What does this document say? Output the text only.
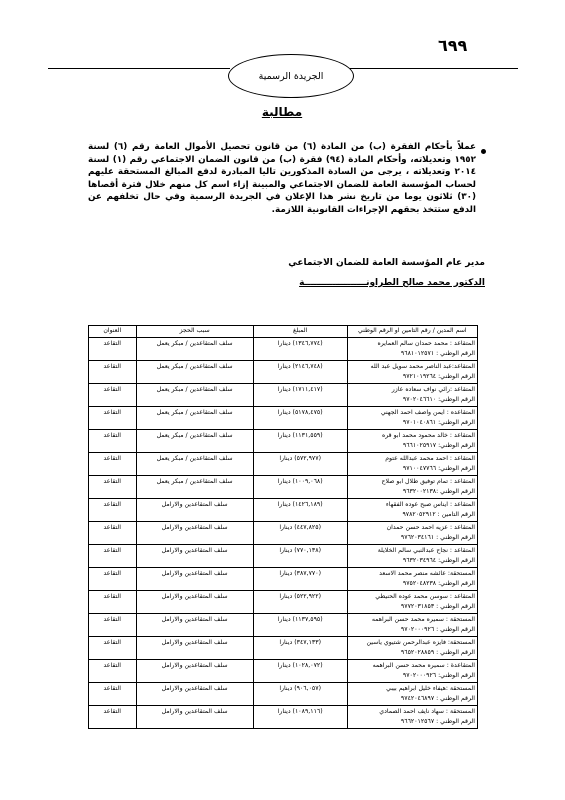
٦٩٩
الجريدة الرسمية
مطالبة
عملاً بأحكام الفقرة (ب) من المادة (٦) من قانون تحصيل الأموال العامة رقم (٦) لسنة ١٩٥٢ وتعديلاته، وأحكام المادة (٩٤) فقرة (ب) من قانون الضمان الاجتماعي رقم (١) لسنة ٢٠١٤ وتعديلاته ، يرجى من السادة المذكورين تاليا المبادرة لدفع المبالغ المستحقة عليهم لحساب المؤسسة العامة للضمان الاجتماعي والمبينة إزاء اسم كل منهم خلال فترة أقصاها (٣٠) ثلاثون يوما من تاريخ نشر هذا الإعلان في الجريدة الرسمية وفي حال تخلفهم عن الدفع ستتخذ بحقهم الإجراءات القانونية اللازمة.
مدير عام المؤسسة العامة للضمان الاجتماعي
الدكتور محمد صالح الطراونــــــــــــــــــــة
اسم المدين / رقم التامين او الرقم الوطني	المبلغ	سبب الحجز	العنوان

المتقاعد : محمد حمدان سالم العمايره
الرقم الوطني : ٩٦٨١٠١٢٥٧١	(١٣٤٦,٧٧٤) دينارا	سلف المتقاعدين / مبكر يعمل	التقاعد

المتقاعد:عبد الناصر محمد سويل عبد الله
الرقم الوطني: ٩٧٢١٠١٩٢٦٤	(٢١٤٦,٧٤٨) دينارا	سلف المتقاعدين / مبكر يعمل	التقاعد

المتقاعد :رائي نواف سعاده عازر
الرقم الوطني: ٩٧٠٢٠٤٦٦١٠	(١٧١١,٤١٧) دينارا	سلف المتقاعدين / مبكر يعمل	التقاعد

المتقاعده : ايمن واصف احمد الجهني
الرقم الوطني: ٩٧٠١٠٤٠٨٦١	(٥١٧٨,٤٧٥) دينارا	سلف المتقاعدين / مبكر يعمل	التقاعد

المتقاعد : خالد محمود محمد ابو قره
الرقم الوطني: ٩٦٦١٠٢٥٩١٧	(١١٣١,٥٥٩) دينارا	سلف المتقاعدين / مبكر يعمل	التقاعد

المتقاعد : احمد محمد عبدالله عتوم
الرقم الوطني: ٩٧١٠٠٤٧٧٦٦	(٥٧٢,٩٧٧) دينارا	سلف المتقاعدين / مبكر يعمل	التقاعد

المتقاعد : تمام توفيق طلال ابو صلاح
الرقم الوطني :٩٦٣٢٠٠٢١٣٨	(١٠٠٩,٠٦٨) دينارا	سلف المتقاعدين / مبكر يعمل	التقاعد

المتقاعد : ايناس صبح عوده الفقهاء
الرقم التامين : ٩٧٨٢٠٥٢٩١٢	(١٤٢٦,١٨٩) دينارا	سلف المتقاعدين والارامل	التقاعد

المتقاعد : عزيه احمد حسن حمدان
الرقم الوطني : ٩٧٦٢٠٣٤١٦١	(٤٤٧,٨٢٥) دينارا	سلف المتقاعدين والارامل	التقاعد

المتقاعد : نجاح عبدالنبي سالم الخلايلة
الرقم الوطني: ٩٦٣٢٠٣٤٩٦٤	(٧٧٠,١٣٨) دينارا	سلف المتقاعدين والارامل	التقاعد

المستحقة: عائشه منصر محمد الاسعد
الرقم الوطني: ٩٧٥٢٠٤٨٢٣٨	(٣٨٧,٧٧٠) دينارا	سلف المتقاعدين والارامل	التقاعد

المتقاعد : سوسن محمد عوده الحنيطي
الرقم الوطني : ٩٧٧٢٠٣١٨٥٣	(٥٢٢,٩٢٢) دينارا	سلف المتقاعدين والارامل	التقاعد

المستحقة : سميره محمد حسن البراهمه
الرقم الوطني : ٩٧٠٢٠٠٠٩٢٦	(١١٣٧,٥٩٥) دينارا	سلف المتقاعدين والارامل	التقاعد

المستحقة: فايزه عبدالرحمن شتيوي ياسين
الرقم الوطني : ٩٦٥٢٠٢٨٨٥٩	(٣٤٧,١٣٣) دينارا	سلف المتقاعدين والارامل	التقاعد

المتقاعدة : سميره محمد حسن البراهمه
الرقم الوطني: ٩٧٠٢٠٠٠٩٢٦	(١٠٢٨,٠٧٢) دينارا	سلف المتقاعدين والارامل	التقاعد

المستحقة :هيفاء خليل ابراهيم بيبي
الرقم الوطني : ٩٧٤٢٠٤٦٨٩٧	(٩٠٦,٠٥٧) دينارا	سلف المتقاعدين والارامل	التقاعد

المستحقة : سهاد نايف احمد الصمادي
الرقم الوطني : ٩٦٦٢٠١٢٥٦٧	(١٠٨٩,١١٦) دينارا	سلف المتقاعدين والارامل	التقاعد
